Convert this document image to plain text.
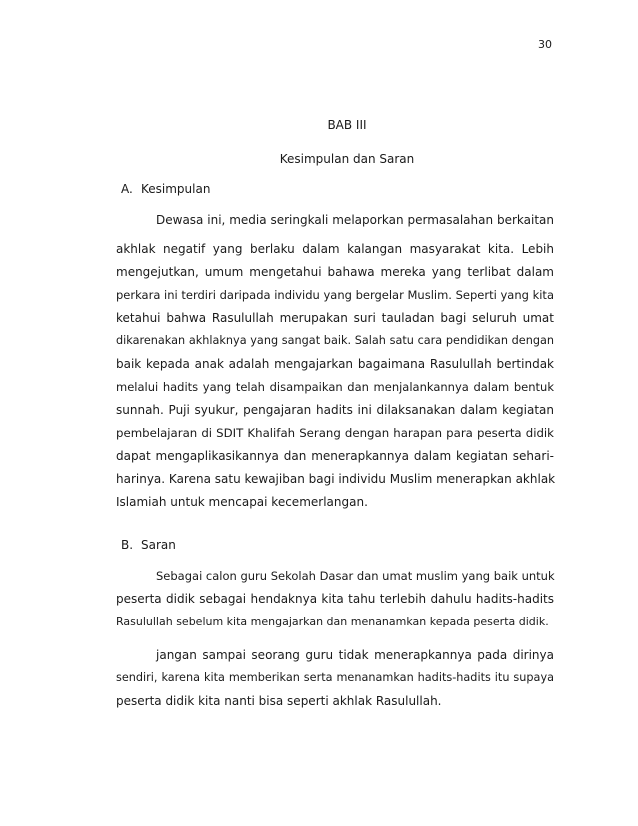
30
BAB III
Kesimpulan dan Saran
A. Kesimpulan
Dewasa ini, media seringkali melaporkan permasalahan berkaitan
akhlak negatif yang berlaku dalam kalangan masyarakat kita. Lebih
mengejutkan, umum mengetahui bahawa mereka yang terlibat dalam
perkara ini terdiri daripada individu yang bergelar Muslim. Seperti yang kita
ketahui bahwa Rasulullah merupakan suri tauladan bagi seluruh umat
dikarenakan akhlaknya yang sangat baik. Salah satu cara pendidikan dengan
baik kepada anak adalah mengajarkan bagaimana Rasulullah bertindak
melalui hadits yang telah disampaikan dan menjalankannya dalam bentuk
sunnah. Puji syukur, pengajaran hadits ini dilaksanakan dalam kegiatan
pembelajaran di SDIT Khalifah Serang dengan harapan para peserta didik
dapat mengaplikasikannya dan menerapkannya dalam kegiatan sehari-
harinya. Karena satu kewajiban bagi individu Muslim menerapkan akhlak
Islamiah untuk mencapai kecemerlangan.
B. Saran
Sebagai calon guru Sekolah Dasar dan umat muslim yang baik untuk
peserta didik sebagai hendaknya kita tahu terlebih dahulu hadits-hadits
Rasulullah sebelum kita mengajarkan dan menanamkan kepada peserta didik.
jangan sampai seorang guru tidak menerapkannya pada dirinya
sendiri, karena kita memberikan serta menanamkan hadits-hadits itu supaya
peserta didik kita nanti bisa seperti akhlak Rasulullah.
